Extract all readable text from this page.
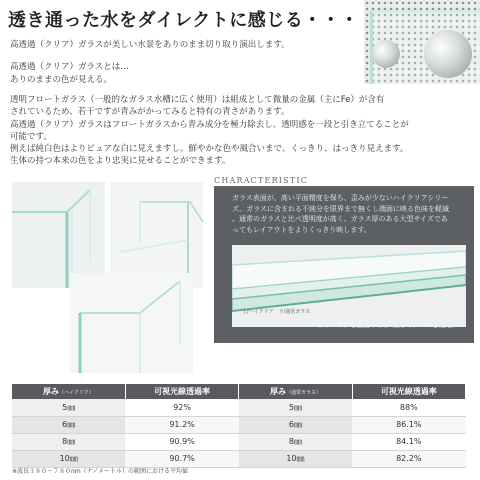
透き通った水をダイレクトに感じる・・・
高透過（クリア）ガラスが美しい水景をありのまま切り取り演出します。
高透過（クリア）ガラスとは…
ありのままの色が見える。

透明フロートガラス（一般的なガラス水槽に広く使用）は組成として微量の金属（主にFe）が含有

されているため、若干ですが青みがかってみると特有の青さがあります。

高透過（クリア）ガラスはフロートガラスから青み成分を極力除去し、透明感を一段と引き立てることが

可能です。

例えば純白色はよりピュアな白に見えますし、鮮やかな色や風合いまで、くっきり、はっきり見えます。

生体の持つ本来の色をより忠実に見せることができます。

CHARACTERISTIC

ガラス表面が、高い平面精度を保ち、歪みが少ないハイクリアシリー

ズ。ガラスに含まれる不純分を限界まで無くし端面に映る色味を軽減

。通常のガラスと比べ透明度が高く、ガラス厚のある大型サイズであ

ってもレイアウトをよりくっきり映します。

上/ハイクリア　下/通常ガラス
ガラスブタも強度のある4㎜厚のクリアを使用。
厚み（ハイクリア）	可視光線透過率	厚み（通常ガラス）	可視光線透過率
5㎜	92%	5㎜	88%
6㎜	91.2%	6㎜	86.1%
8㎜	90.9%	8㎜	84.1%
10㎜	90.7%	10㎜	82.2%
※波長３８０～７８０nm（ナノメートル）の範囲における平均値
